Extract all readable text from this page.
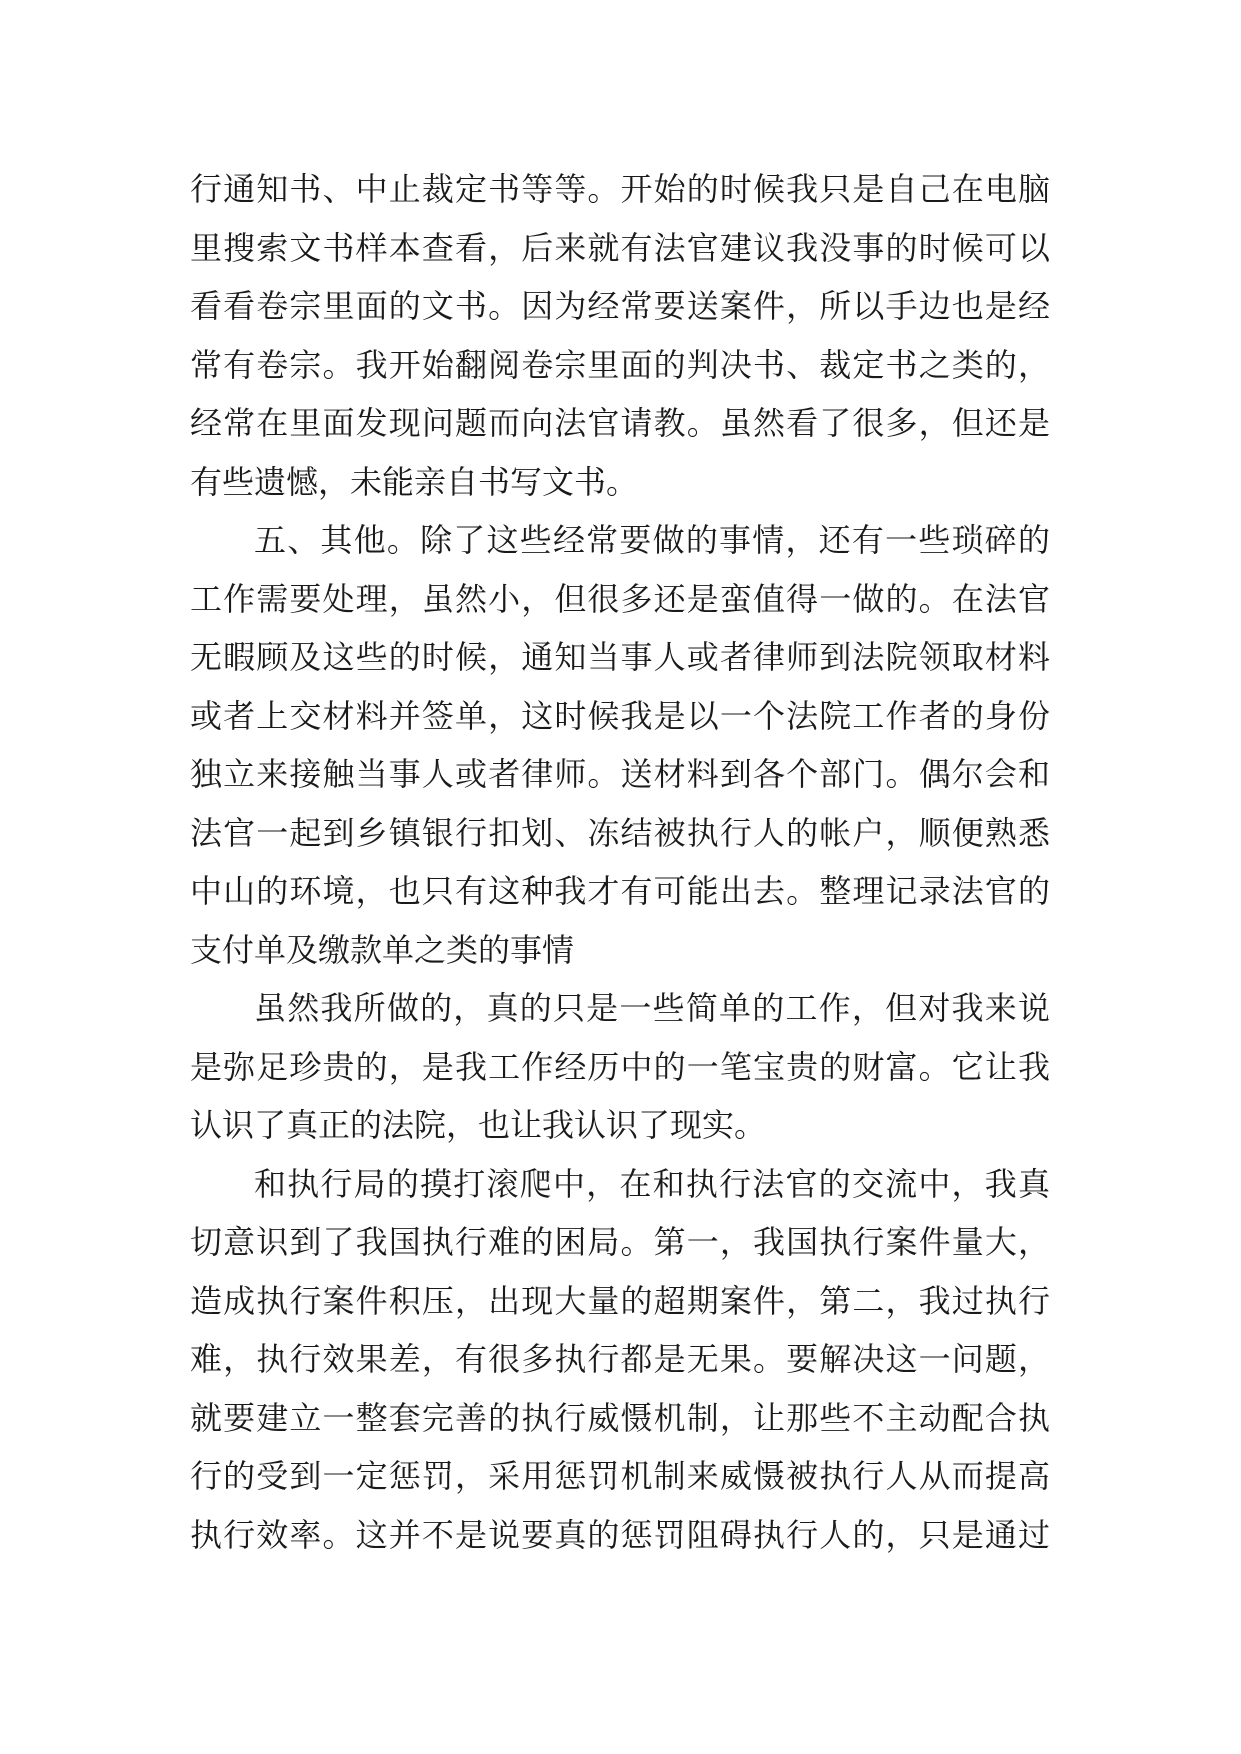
行通知书、中止裁定书等等。开始的时候我只是自己在电脑
里搜索文书样本查看，后来就有法官建议我没事的时候可以
看看卷宗里面的文书。因为经常要送案件，所以手边也是经
常有卷宗。我开始翻阅卷宗里面的判决书、裁定书之类的，
经常在里面发现问题而向法官请教。虽然看了很多，但还是
有些遗憾，未能亲自书写文书。
五、其他。除了这些经常要做的事情，还有一些琐碎的
工作需要处理，虽然小，但很多还是蛮值得一做的。在法官
无暇顾及这些的时候，通知当事人或者律师到法院领取材料
或者上交材料并签单，这时候我是以一个法院工作者的身份
独立来接触当事人或者律师。送材料到各个部门。偶尔会和
法官一起到乡镇银行扣划、冻结被执行人的帐户，顺便熟悉
中山的环境，也只有这种我才有可能出去。整理记录法官的
支付单及缴款单之类的事情
虽然我所做的，真的只是一些简单的工作，但对我来说
是弥足珍贵的，是我工作经历中的一笔宝贵的财富。它让我
认识了真正的法院，也让我认识了现实。
和执行局的摸打滚爬中，在和执行法官的交流中，我真
切意识到了我国执行难的困局。第一，我国执行案件量大，
造成执行案件积压，出现大量的超期案件，第二，我过执行
难，执行效果差，有很多执行都是无果。要解决这一问题，
就要建立一整套完善的执行威慑机制，让那些不主动配合执
行的受到一定惩罚，采用惩罚机制来威慑被执行人从而提高
执行效率。这并不是说要真的惩罚阻碍执行人的，只是通过
